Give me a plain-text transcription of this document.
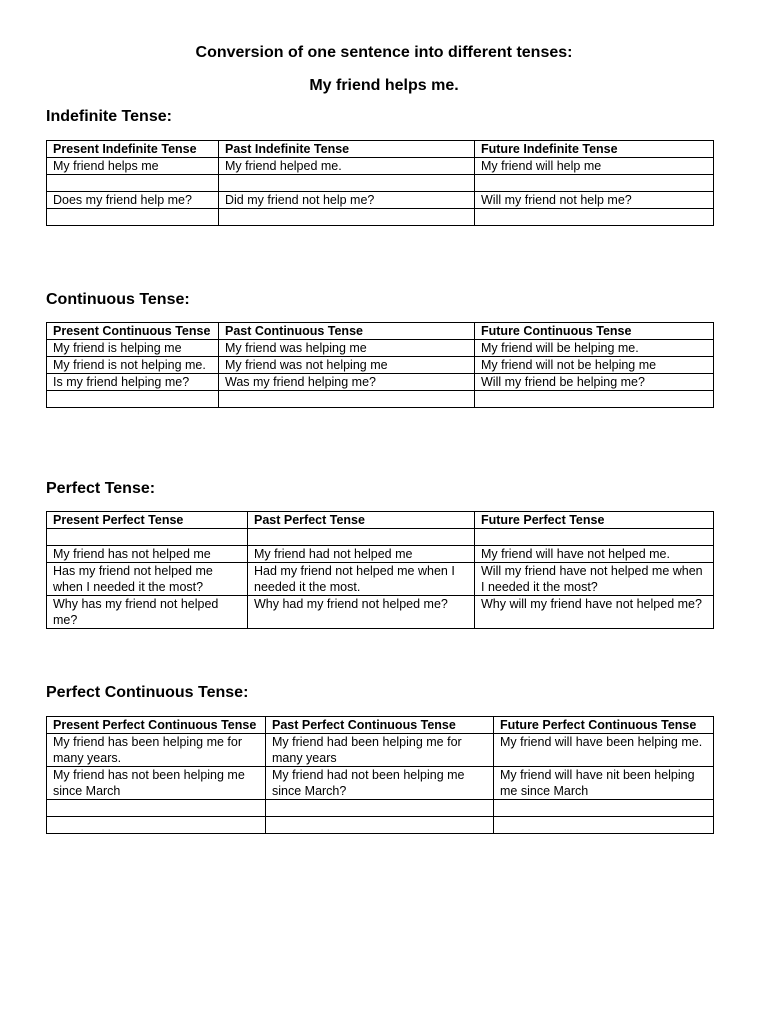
Conversion of one sentence into different tenses:
My friend helps me.
Indefinite Tense:
Present Indefinite Tense	Past Indefinite Tense	Future Indefinite Tense
My friend helps me	My friend helped me.	My friend will help me

Does my friend help me?	Did my friend not help me?	Will my friend not help me?

Continuous Tense:
Present Continuous Tense	Past Continuous Tense	Future Continuous Tense
My friend is helping me	My friend was helping me	My friend will be helping me.
My friend is not helping me.	My friend was not helping me	My friend will not be helping me
Is my friend helping me?	Was my friend helping me?	Will my friend be helping me?

Perfect Tense:
Present Perfect Tense	Past Perfect Tense	Future Perfect Tense

My friend has not helped me	My friend had not helped me	My friend will have not helped me.
Has my friend not helped me when I needed it the most?	Had my friend not helped me when I needed it the most.	Will my friend have not helped me when I needed it the most?
Why has my friend not helped me?	Why had my friend not helped me?	Why will my friend have not helped me?
Perfect Continuous Tense:
Present Perfect Continuous Tense	Past Perfect Continuous Tense	Future Perfect Continuous Tense
My friend has been helping me for many years.	My friend had been helping me for many years	My friend will have been helping me.
My friend has not been helping me since March	My friend had not been helping me since March?	My friend will have nit been helping me since March
